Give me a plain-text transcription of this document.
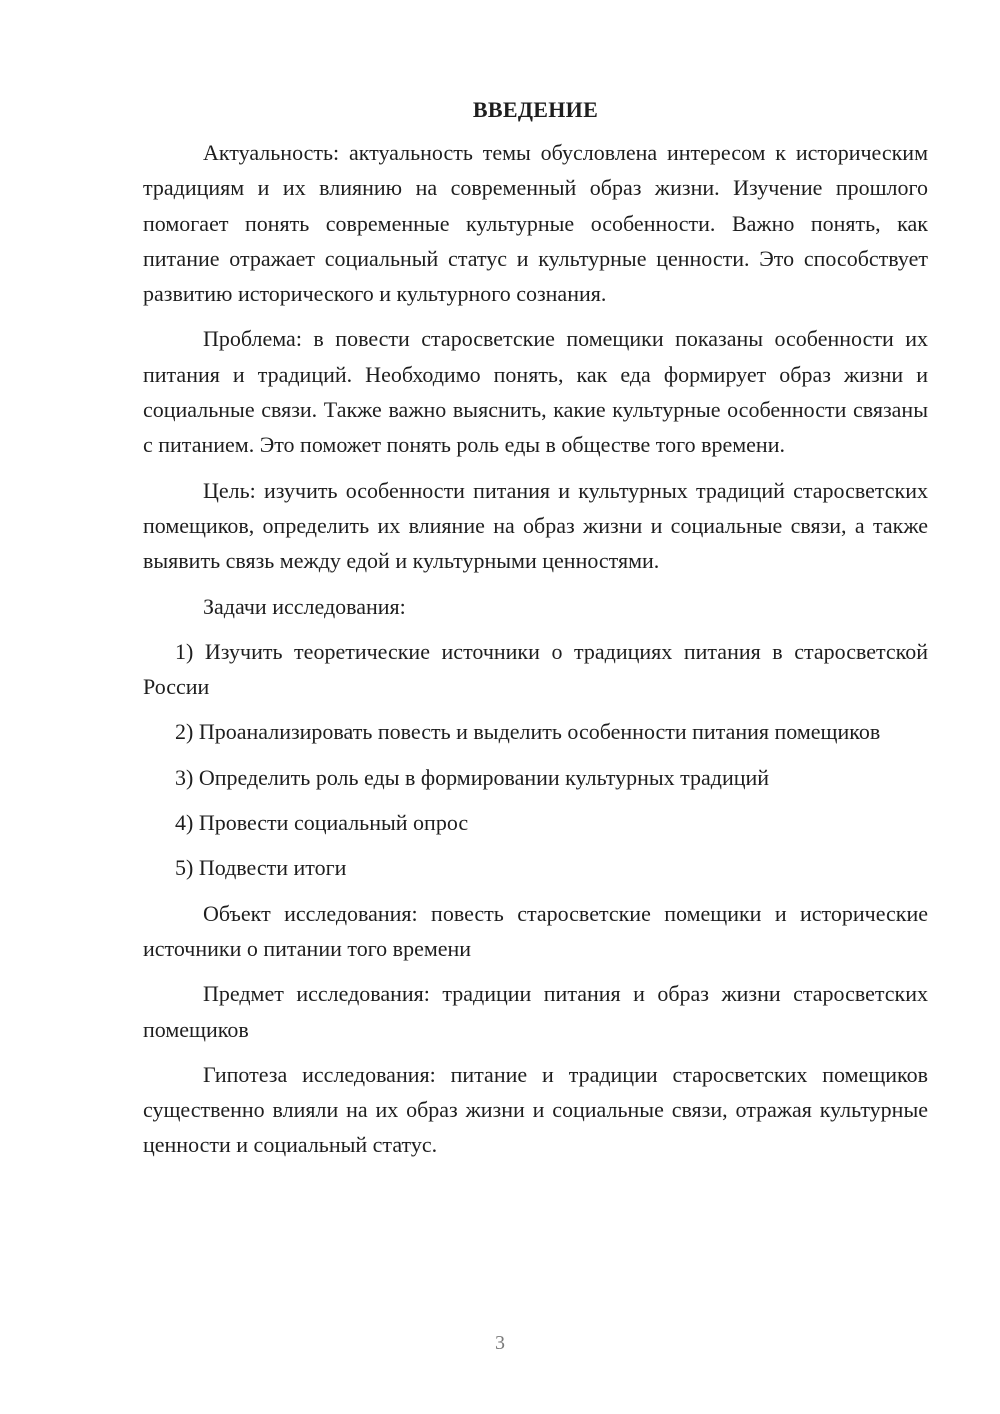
ВВЕДЕНИЕ

Актуальность: актуальность темы обусловлена интересом к историческим традициям и их влиянию на современный образ жизни. Изучение прошлого помогает понять современные культурные особенности. Важно понять, как питание отражает социальный статус и культурные ценности. Это способствует развитию исторического и культурного сознания.

Проблема: в повести старосветские помещики показаны особенности их питания и традиций. Необходимо понять, как еда формирует образ жизни и социальные связи. Также важно выяснить, какие культурные особенности связаны с питанием. Это поможет понять роль еды в обществе того времени.

Цель: изучить особенности питания и культурных традиций старосветских помещиков, определить их влияние на образ жизни и социальные связи, а также выявить связь между едой и культурными ценностями.

Задачи исследования:

1) Изучить теоретические источники о традициях питания в старосветской России

2) Проанализировать повесть и выделить особенности питания помещиков

3) Определить роль еды в формировании культурных традиций

4) Провести социальный опрос

5) Подвести итоги

Объект исследования: повесть старосветские помещики и исторические источники о питании того времени

Предмет исследования: традиции питания и образ жизни старосветских помещиков

Гипотеза исследования: питание и традиции старосветских помещиков существенно влияли на их образ жизни и социальные связи, отражая культурные ценности и социальный статус.

3
